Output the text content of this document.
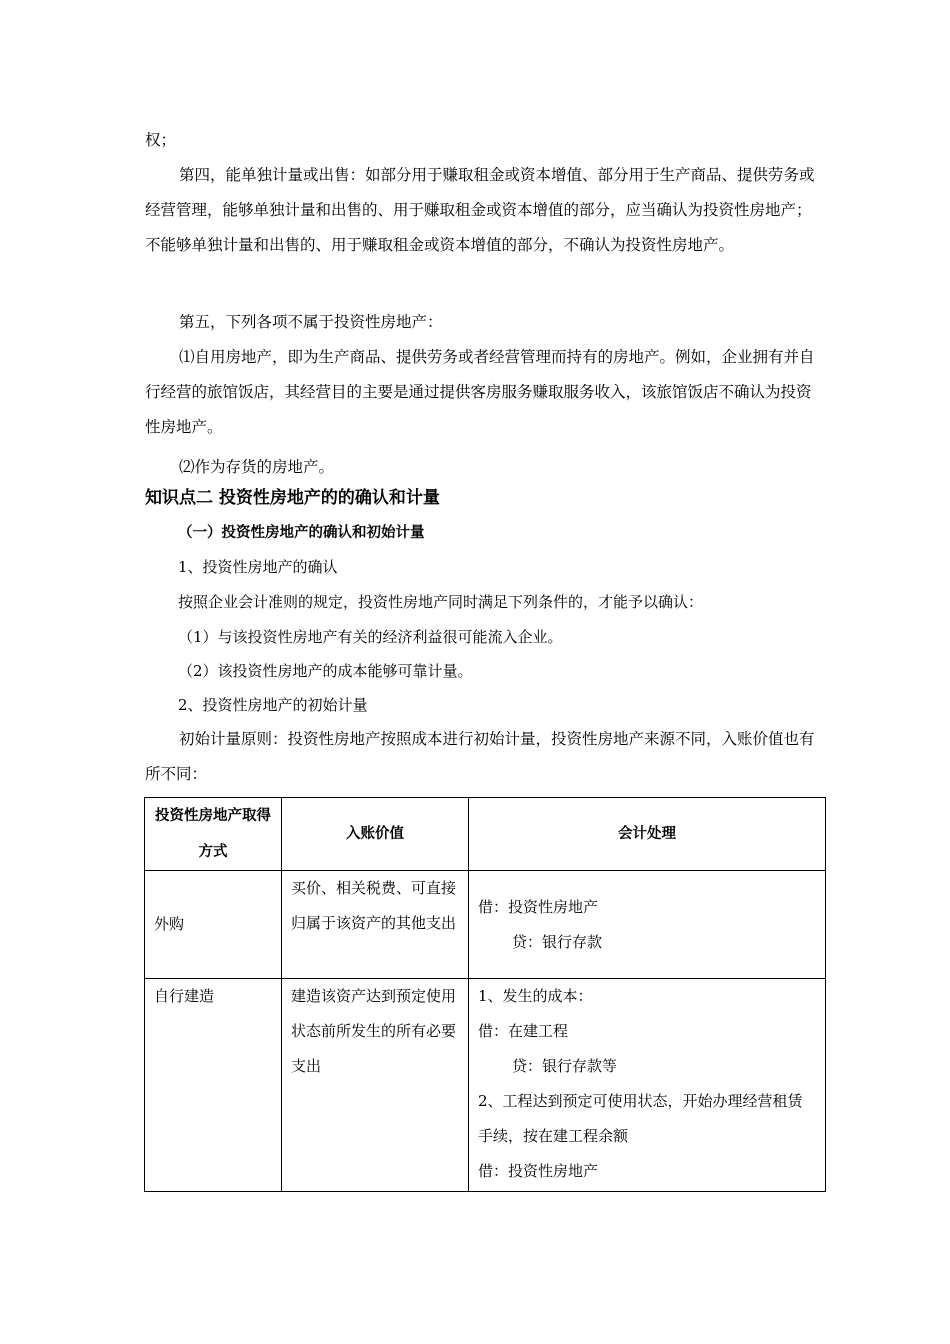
权；

第四，能单独计量或出售：如部分用于赚取租金或资本增值、部分用于生产商品、提供劳务或经营管理，能够单独计量和出售的、用于赚取租金或资本增值的部分，应当确认为投资性房地产；不能够单独计量和出售的、用于赚取租金或资本增值的部分，不确认为投资性房地产。

第五，下列各项不属于投资性房地产：

⑴自用房地产，即为生产商品、提供劳务或者经营管理而持有的房地产。例如，企业拥有并自行经营的旅馆饭店，其经营目的主要是通过提供客房服务赚取服务收入，该旅馆饭店不确认为投资性房地产。

⑵作为存货的房地产。

知识点二 投资性房地产的的确认和计量

（一）投资性房地产的确认和初始计量

1、投资性房地产的确认

按照企业会计准则的规定，投资性房地产同时满足下列条件的，才能予以确认：

（1）与该投资性房地产有关的经济利益很可能流入企业。

（2）该投资性房地产的成本能够可靠计量。

2、投资性房地产的初始计量

初始计量原则：投资性房地产按照成本进行初始计量，投资性房地产来源不同，入账价值也有所不同：

投资性房地产取得方式	入账价值	会计处理
外购	买价、相关税费、可直接归属于该资产的其他支出	借：投资性房地产
贷：银行存款

自行建造	建造该资产达到预定使用状态前所发生的所有必要支出	1、发生的成本：
借：在建工程
贷：银行存款等
2、工程达到预定可使用状态，开始办理经营租赁手续，按在建工程余额
借：投资性房地产
